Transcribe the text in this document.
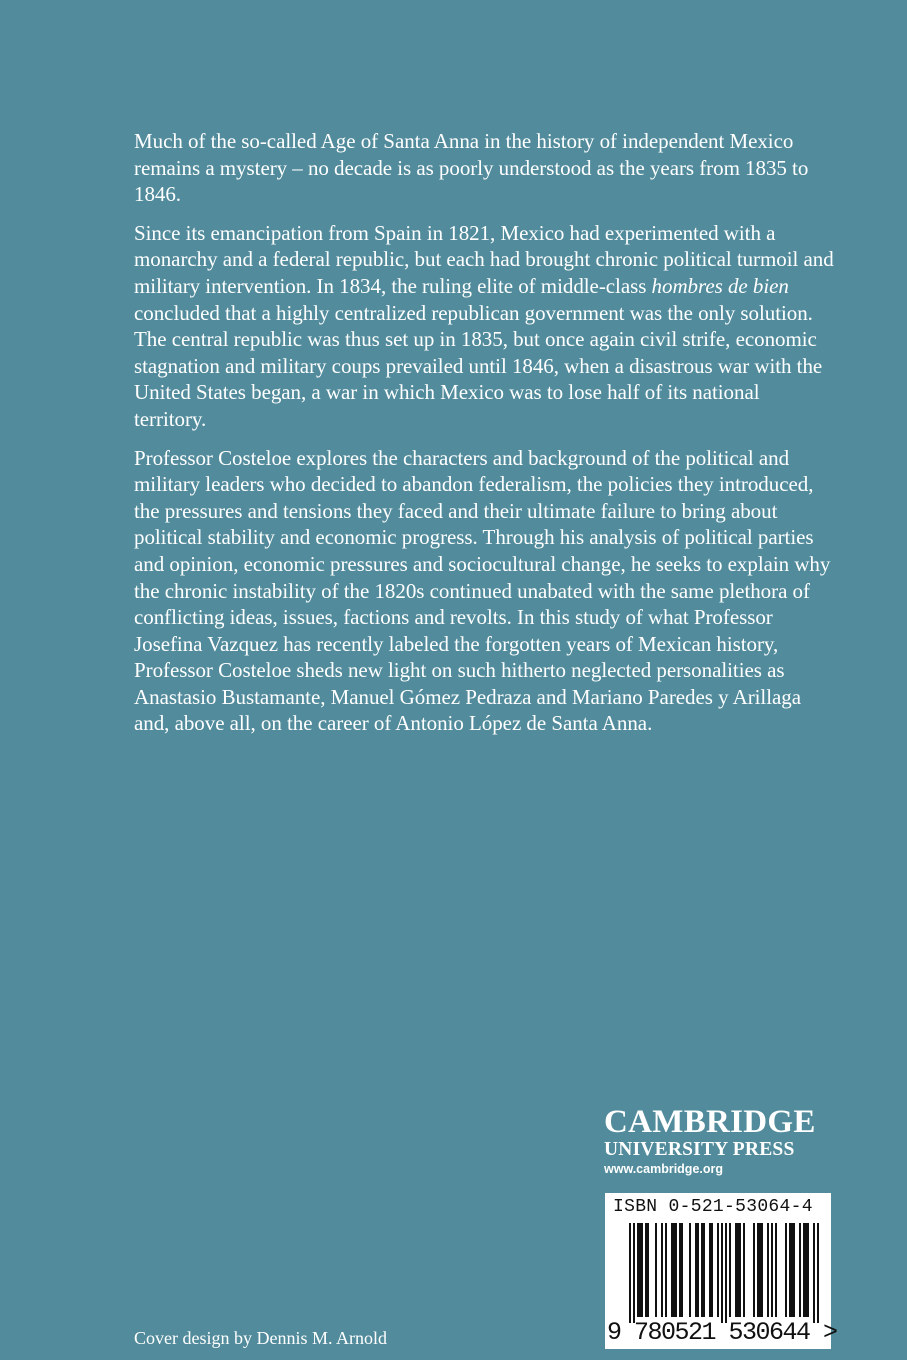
Much of the so-called Age of Santa Anna in the history of independent Mexico remains a mystery – no decade is as poorly understood as the years from 1835 to 1846.

Since its emancipation from Spain in 1821, Mexico had experimented with a monarchy and a federal republic, but each had brought chronic political turmoil and military intervention. In 1834, the ruling elite of middle-class hombres de bien concluded that a highly centralized republican government was the only solution. The central republic was thus set up in 1835, but once again civil strife, economic stagnation and military coups prevailed until 1846, when a disastrous war with the United States began, a war in which Mexico was to lose half of its national territory.

Professor Costeloe explores the characters and background of the political and military leaders who decided to abandon federalism, the policies they introduced, the pressures and tensions they faced and their ultimate failure to bring about political stability and economic progress. Through his analysis of political parties and opinion, economic pressures and sociocultural change, he seeks to explain why the chronic instability of the 1820s continued unabated with the same plethora of conflicting ideas, issues, factions and revolts. In this study of what Professor Josefina Vazquez has recently labeled the forgotten years of Mexican history, Professor Costeloe sheds new light on such hitherto neglected personalities as Anastasio Bustamante, Manuel Gómez Pedraza and Mariano Paredes y Arillaga and, above all, on the career of Antonio López de Santa Anna.

CAMBRIDGE
UNIVERSITY PRESS
www.cambridge.org
ISBN 0-521-53064-4
9 780521 530644 >
Cover design by Dennis M. Arnold
